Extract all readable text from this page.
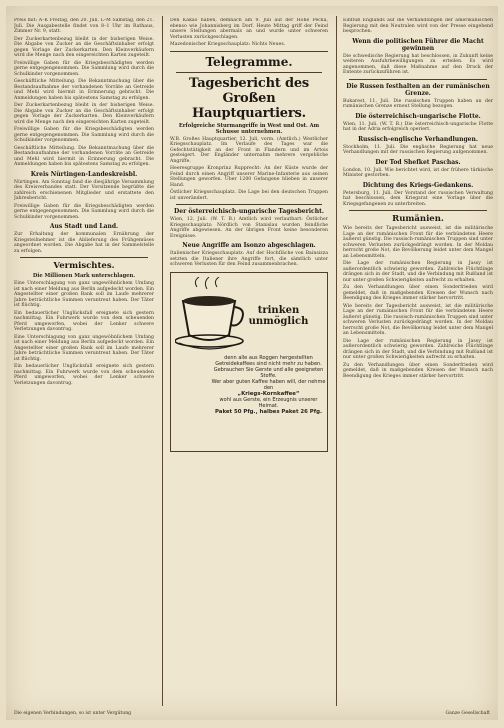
Preis mit: A–K Freitag, den 20. Juli. L–M Samstag, den 21. Juli. Die Ausgabestelle findet von 8–1 Uhr im Rathaus, Zimmer Nr. 9, statt.

Der Zuckerkartenbezug bleibt in der bisherigen Weise. Die Abgabe von Zucker an die Geschäftsinhaber erfolgt gegen Vorlage der Zuckerkarten. Den Kleinverkäufern wird die Menge nach den eingereichten Karten zugeteilt.

Freiwillige Gaben für die Kriegsbeschädigten werden gerne entgegengenommen. Die Sammlung wird durch die Schulkinder vorgenommen.

Geschäftliche Mitteilung. Die Bekanntmachung über die Bestandsaufnahme der vorhandenen Vorräte an Getreide und Mehl wird hiermit in Erinnerung gebracht. Die Anmeldungen haben bis spätestens Samstag zu erfolgen.

Der Zuckerkartenbezug bleibt in der bisherigen Weise. Die Abgabe von Zucker an die Geschäftsinhaber erfolgt gegen Vorlage der Zuckerkarten. Den Kleinverkäufern wird die Menge nach den eingereichten Karten zugeteilt.

Freiwillige Gaben für die Kriegsbeschädigten werden gerne entgegengenommen. Die Sammlung wird durch die Schulkinder vorgenommen.

Geschäftliche Mitteilung. Die Bekanntmachung über die Bestandsaufnahme der vorhandenen Vorräte an Getreide und Mehl wird hiermit in Erinnerung gebracht. Die Anmeldungen haben bis spätestens Samstag zu erfolgen.

Kreis Nürtingen-Landeskreisbl.

Nürtingen. Am Sonntag fand die diesjährige Versammlung des Kreisverbandes statt. Der Vorsitzende begrüßte die zahlreich erschienenen Mitglieder und erstattete den Jahresbericht.

Freiwillige Gaben für die Kriegsbeschädigten werden gerne entgegengenommen. Die Sammlung wird durch die Schulkinder vorgenommen.

Aus Stadt und Land.

Zur Erhaltung der kommunalen Ernährung der Kriegsteilnehmer ist die Ablieferung des Frühgemüses angeordnet worden. Die Abgabe hat in der Sammelstelle zu erfolgen.

Vermischtes.
Die Millionen Mark unterschlagen.

Eine Unterschlagung von ganz ungewöhnlichem Umfang ist nach einer Meldung aus Berlin aufgedeckt worden. Ein Angestellter einer großen Bank soll im Laufe mehrerer Jahre beträchtliche Summen veruntreut haben. Der Täter ist flüchtig.

Ein bedauerlicher Unglücksfall ereignete sich gestern nachmittag. Ein Fuhrwerk wurde von dem scheuenden Pferd umgeworfen, wobei der Lenker schwere Verletzungen davontrug.

Eine Unterschlagung von ganz ungewöhnlichem Umfang ist nach einer Meldung aus Berlin aufgedeckt worden. Ein Angestellter einer großen Bank soll im Laufe mehrerer Jahre beträchtliche Summen veruntreut haben. Der Täter ist flüchtig.

Ein bedauerlicher Unglücksfall ereignete sich gestern nachmittag. Ein Fuhrwerk wurde von dem scheuenden Pferd umgeworfen, wobei der Lenker schwere Verletzungen davontrug.

Den Kakao haben, demnach am 9. Juli auf der Höhe Pecka, ebenso wie Johannisberg im Dorf. Heute Mittag griff der Feind unsere Stellungen abermals an und wurde unter schweren Verlusten zurückgeschlagen.

Mazedonischer Kriegsschauplatz: Nichts Neues.

Telegramme.
Tagesbericht des Großen Hauptquartiers.
Erfolgreiche Sturmangriffe in West und Ost. Am Schusse unternehmen.

W.B. Großes Hauptquartier, 12. Juli, vorm. (Amtlich.) Westlicher Kriegsschauplatz. Im Verlaufe des Tages war die Gefechtstätigkeit an der Front in Flandern und im Artois gesteigert. Der Engländer unternahm mehrere vergebliche Angriffe.

Heeresgruppe Kronprinz Rupprecht: An der Küste wurde der Feind durch einen Angriff unserer Marine-Infanterie aus seinen Stellungen geworfen. Über 1200 Gefangene blieben in unserer Hand.

Östlicher Kriegsschauplatz. Die Lage bei den deutschen Truppen ist unverändert.

Der österreichisch-ungarische Tagesbericht.

Wien, 12. Juli. (W. T. B.) Amtlich wird verlautbart: Östlicher Kriegsschauplatz: Nördlich von Stanislau wurden feindliche Angriffe abgewiesen. An der übrigen Front keine besonderen Ereignisse.

Neue Angriffe am Isonzo abgeschlagen.

Italienischer Kriegsschauplatz: Auf der Hochfläche von Bainsizza setzten die Italiener ihre Angriffe fort, die sämtlich unter schweren Verlusten für den Feind zusammenbrachen.

trinken unmöglich
denn alle aus Roggen hergestellten Getreidekaffees sind nicht mehr zu haben. Gebrauchen Sie Gerste und alle geeigneten Stoffe.
Wer aber guten Kaffee haben will, der nehme den
„Kriegs-Kornkaffee“
wohl aus Gerste, ein Erzeugnis unserer Heimat.
Paket 50 Pfg., halbes Paket 26 Pfg.

Einfluß Englands auf die Verhandlungen der amerikanischen Regierung mit den Neutralen wird von der Presse eingehend besprochen.

Wenn die politischen Führer die Macht gewinnen

Die schwedische Regierung hat beschlossen, in Zukunft keine weiteren Ausfuhrbewilligungen zu erteilen. Es wird angenommen, daß diese Maßnahme auf den Druck der Entente zurückzuführen ist.

Die Russen festhalten an der rumänischen Grenze.

Bukarest, 11. Juli. Die russischen Truppen haben an der rumänischen Grenze erneut Stellung bezogen.

Die österreichisch-ungarische Flotte.

Wien, 11. Juli. (W. T. B.) Die österreichisch-ungarische Flotte hat in der Adria erfolgreich operiert.

Russisch-englische Verhandlungen.

Stockholm, 11. Juli. Die englische Regierung hat neue Verhandlungen mit der russischen Regierung aufgenommen.

Der Tod Shefket Paschas.

London, 10. Juli. Wie berichtet wird, ist der frühere türkische Minister gestorben.

Dichtung des Kriegs-Gedankens.

Petersburg, 11. Juli. Der Vorstand der russischen Verwaltung hat beschlossen, dem Kriegsrat eine Vorlage über die Kriegsgefangenen zu unterbreiten.

Rumänien.

Wie bereits der Tagesbericht ausweist, ist die militärische Lage an der rumänischen Front für die verbündeten Heere äußerst günstig. Die russisch-rumänischen Truppen sind unter schweren Verlusten zurückgedrängt worden. In der Moldau herrscht große Not, die Bevölkerung leidet unter dem Mangel an Lebensmitteln.

Die Lage der rumänischen Regierung in Jassy ist außerordentlich schwierig geworden. Zahlreiche Flüchtlinge drängen sich in der Stadt, und die Verbindung mit Rußland ist nur unter großen Schwierigkeiten aufrecht zu erhalten.

Zu den Verhandlungen über einen Sonderfrieden wird gemeldet, daß in maßgebenden Kreisen der Wunsch nach Beendigung des Krieges immer stärker hervortritt.

Wie bereits der Tagesbericht ausweist, ist die militärische Lage an der rumänischen Front für die verbündeten Heere äußerst günstig. Die russisch-rumänischen Truppen sind unter schweren Verlusten zurückgedrängt worden. In der Moldau herrscht große Not, die Bevölkerung leidet unter dem Mangel an Lebensmitteln.

Die Lage der rumänischen Regierung in Jassy ist außerordentlich schwierig geworden. Zahlreiche Flüchtlinge drängen sich in der Stadt, und die Verbindung mit Rußland ist nur unter großen Schwierigkeiten aufrecht zu erhalten.

Zu den Verhandlungen über einen Sonderfrieden wird gemeldet, daß in maßgebenden Kreisen der Wunsch nach Beendigung des Krieges immer stärker hervortritt.

Die eigenen Verbindungen, so ist unter Vergütung	Ganze Gesellschaft
